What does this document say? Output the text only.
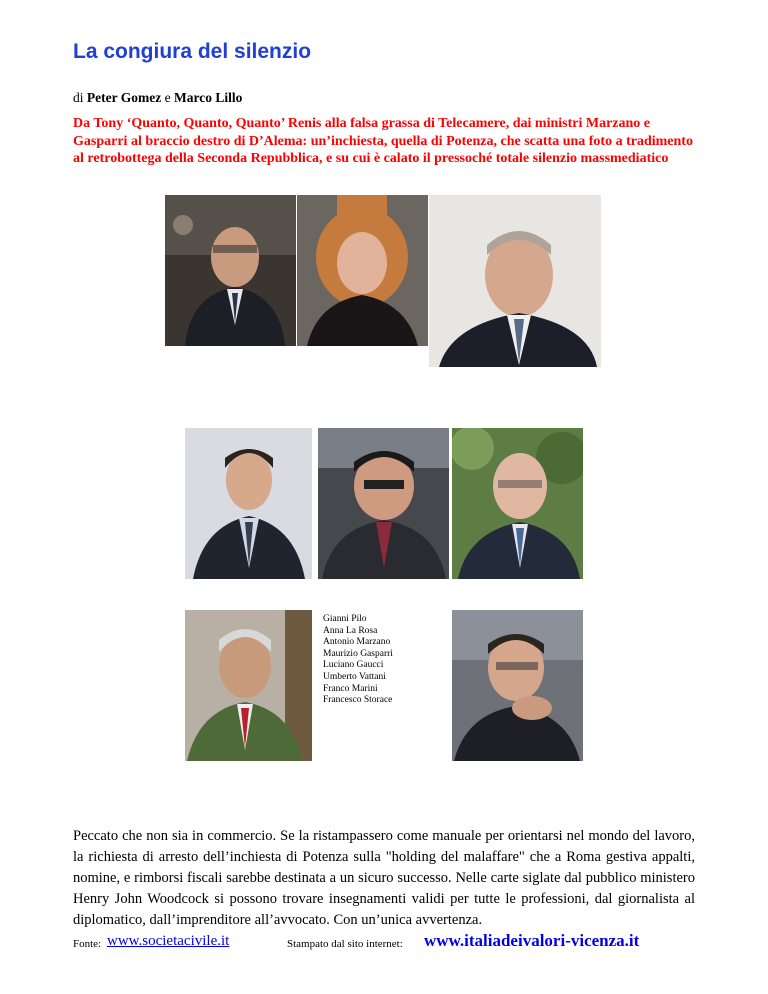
La congiura del silenzio
di Peter Gomez e Marco Lillo

Da Tony ‘Quanto, Quanto, Quanto’ Renis alla falsa grassa di Telecamere, dai ministri Marzano e Gasparri al braccio destro di D’Alema: un’inchiesta, quella di Potenza, che scatta una foto a tradimento al retrobottega della Seconda Repubblica, e su cui è calato il pressoché totale silenzio massmediatico

Gianni Pilo
Anna La Rosa
Antonio Marzano
Maurizio Gasparri
Luciano Gaucci
Umberto Vattani
Franco Marini
Francesco Storace

Peccato che non sia in commercio. Se la ristampassero come manuale per orientarsi nel mondo del lavoro, la richiesta di arresto dell’inchiesta di Potenza sulla "holding del malaffare" che a Roma gestiva appalti, nomine, e rimborsi fiscali sarebbe destinata a un sicuro successo. Nelle carte siglate dal pubblico ministero Henry John Woodcock si possono trovare insegnamenti validi per tutte le professioni, dal giornalista al diplomatico, dall’imprenditore all’avvocato. Con un’unica avvertenza.

Fonte: www.societacivile.it	Stampato dal sito internet: www.italiadeivalori-vicenza.it
